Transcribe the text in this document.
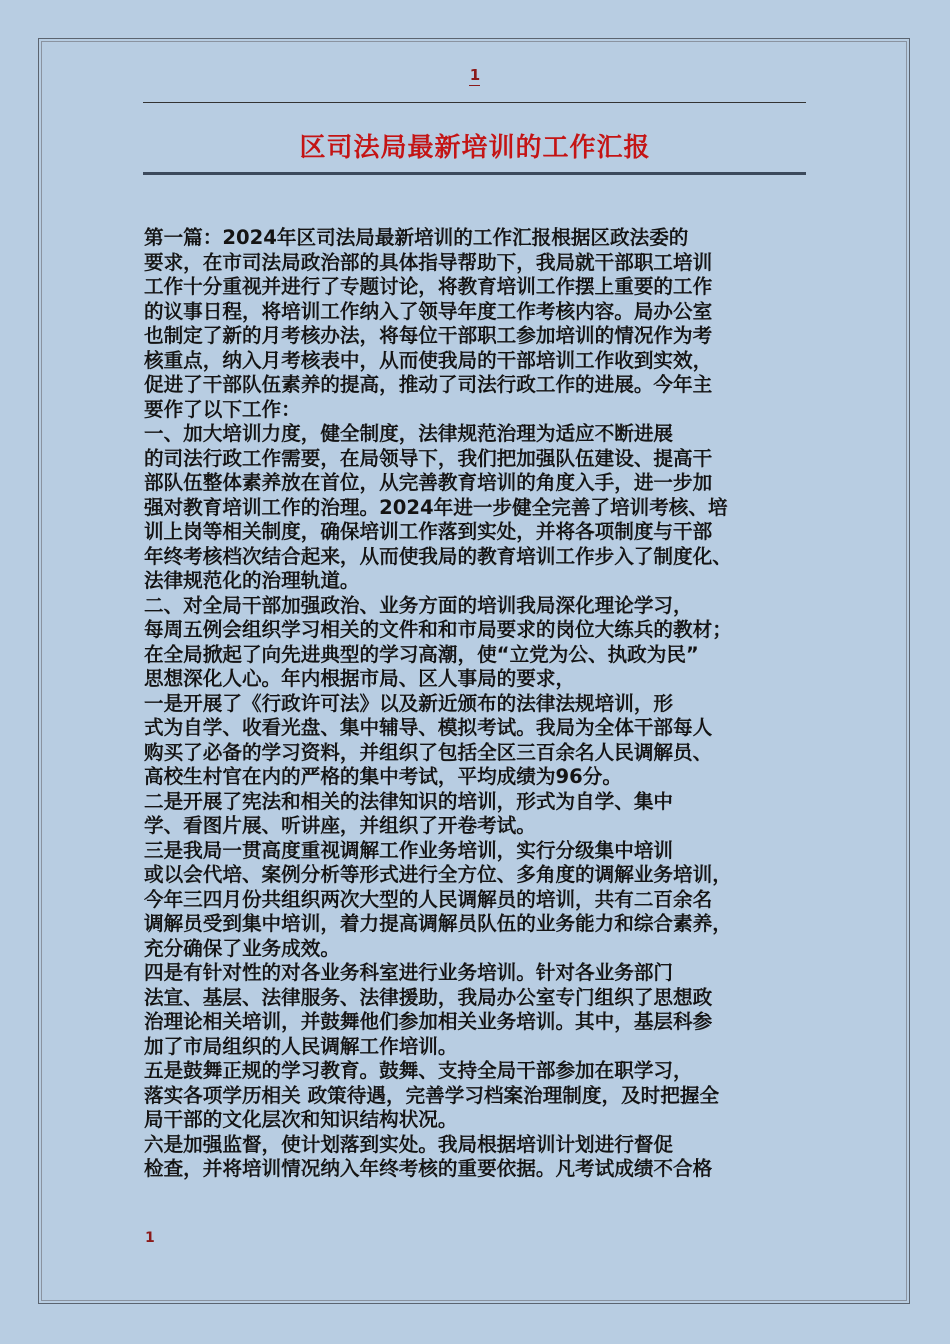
1
区司法局最新培训的工作汇报

第一篇：2024年区司法局最新培训的工作汇报根据区政法委的
要求，在市司法局政治部的具体指导帮助下，我局就干部职工培训
工作十分重视并进行了专题讨论，将教育培训工作摆上重要的工作
的议事日程，将培训工作纳入了领导年度工作考核内容。局办公室
也制定了新的月考核办法，将每位干部职工参加培训的情况作为考
核重点，纳入月考核表中，从而使我局的干部培训工作收到实效，
促进了干部队伍素养的提高，推动了司法行政工作的进展。今年主
要作了以下工作：

一、加大培训力度，健全制度，法律规范治理为适应不断进展
的司法行政工作需要，在局领导下，我们把加强队伍建设、提高干
部队伍整体素养放在首位，从完善教育培训的角度入手，进一步加
强对教育培训工作的治理。2024年进一步健全完善了培训考核、培
训上岗等相关制度，确保培训工作落到实处，并将各项制度与干部
年终考核档次结合起来，从而使我局的教育培训工作步入了制度化、
法律规范化的治理轨道。

二、对全局干部加强政治、业务方面的培训我局深化理论学习，
每周五例会组织学习相关的文件和和市局要求的岗位大练兵的教材；
在全局掀起了向先进典型的学习高潮，使“立党为公、执政为民”
思想深化人心。年内根据市局、区人事局的要求，

一是开展了《行政许可法》以及新近颁布的法律法规培训，形
式为自学、收看光盘、集中辅导、模拟考试。我局为全体干部每人
购买了必备的学习资料，并组织了包括全区三百余名人民调解员、
高校生村官在内的严格的集中考试，平均成绩为96分。

二是开展了宪法和相关的法律知识的培训，形式为自学、集中
学、看图片展、听讲座，并组织了开卷考试。

三是我局一贯高度重视调解工作业务培训，实行分级集中培训
或以会代培、案例分析等形式进行全方位、多角度的调解业务培训，
今年三四月份共组织两次大型的人民调解员的培训，共有二百余名
调解员受到集中培训，着力提高调解员队伍的业务能力和综合素养，
充分确保了业务成效。

四是有针对性的对各业务科室进行业务培训。针对各业务部门
法宣、基层、法律服务、法律援助，我局办公室专门组织了思想政
治理论相关培训，并鼓舞他们参加相关业务培训。其中，基层科参
加了市局组织的人民调解工作培训。

五是鼓舞正规的学习教育。鼓舞、支持全局干部参加在职学习，
落实各项学历相关 政策待遇，完善学习档案治理制度，及时把握全
局干部的文化层次和知识结构状况。

六是加强监督，使计划落到实处。我局根据培训计划进行督促
检查，并将培训情况纳入年终考核的重要依据。凡考试成绩不合格

1
